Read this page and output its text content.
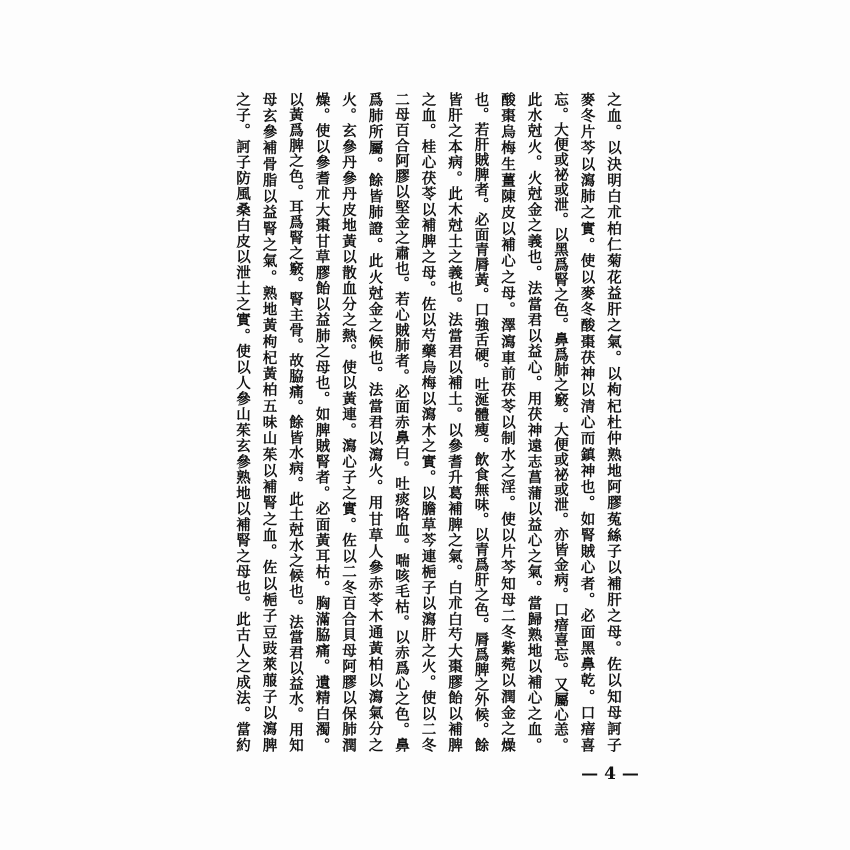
之血。以決明白朮柏仁菊花益肝之氣。以枸杞杜仲熟地阿膠菟絲子以補肝之母。佐以知母訶子
麥冬片芩以瀉肺之實。使以麥冬酸棗茯神以清心而鎮神也。如腎賊心者。必面黑鼻乾。口瘖喜
忘。大便或祕或泄。以黑爲腎之色。鼻爲肺之竅。大便或祕或泄。亦皆金病。口瘖喜忘。又屬心恙。
此水尅火。火尅金之義也。法當君以益心。用茯神遠志菖蒲以益心之氣。當歸熟地以補心之血。
酸棗烏梅生薑陳皮以補心之母。澤瀉車前茯苓以制水之淫。使以片芩知母二冬紫菀以潤金之燥
也。若肝賊脾者。必面青脣黃。口強舌硬。吐涎體瘦。飲食無味。以青爲肝之色。脣爲脾之外候。餘
皆肝之本病。此木尅土之義也。法當君以補土。以參耆升葛補脾之氣。白朮白芍大棗膠飴以補脾
之血。桂心茯苓以補脾之母。佐以芍藥烏梅以瀉木之實。以膽草芩連梔子以瀉肝之火。使以二冬
二母百合阿膠以堅金之肅也。若心賊肺者。必面赤鼻白。吐痰咯血。喘咳毛枯。以赤爲心之色。鼻
爲肺所屬。餘皆肺證。此火尅金之候也。法當君以瀉火。用甘草人參赤苓木通黃柏以瀉氣分之
火。玄參丹參丹皮地黃以散血分之熱。使以黃連。瀉心子之實。佐以二冬百合貝母阿膠以保肺潤
燥。使以參耆朮大棗甘草膠飴以益肺之母也。如脾賊腎者。必面黃耳枯。胸滿脇痛。遺精白濁。
以黃爲脾之色。耳爲腎之竅。腎主骨。故脇痛。餘皆水病。此土尅水之候也。法當君以益水。用知
母玄參補骨脂以益腎之氣。熟地黃枸杞黃柏五味山茱以補腎之血。佐以梔子豆豉萊菔子以瀉脾
之子。訶子防風桑白皮以泄土之實。使以人參山茱玄參熟地以補腎之母也。此古人之成法。當約
— 4 —
